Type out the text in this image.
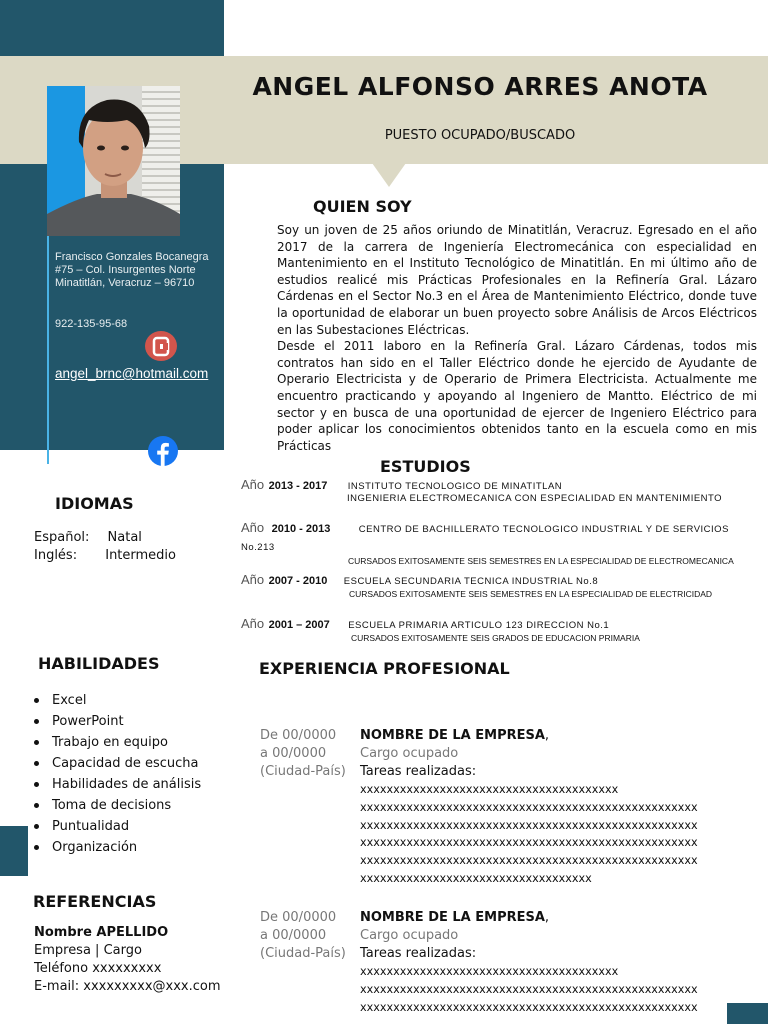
Francisco Gonzales Bocanegra
#75 – Col. Insurgentes Norte
Minatitlán, Veracruz – 96710
922-135-95-68
angel_brnc@hotmail.com
ANGEL ALFONSO ARRES ANOTA
PUESTO OCUPADO/BUSCADO
QUIEN SOY

Soy un joven de 25 años oriundo de Minatitlán, Veracruz. Egresado en el año 2017 de la carrera de Ingeniería Electromecánica con especialidad en Mantenimiento en el Instituto Tecnológico de Minatitlán. En mi último año de estudios realicé mis Prácticas Profesionales en la Refinería Gral. Lázaro Cárdenas en el Sector No.3 en el Área de Mantenimiento Eléctrico, donde tuve la oportunidad de elaborar un buen proyecto sobre Análisis de Arcos Eléctricos en las Subestaciones Eléctricas.

Desde el 2011 laboro en la Refinería Gral. Lázaro Cárdenas, todos mis contratos han sido en el Taller Eléctrico donde he ejercido de Ayudante de Operario Electricista y de Operario de Primera Electricista. Actualmente me encuentro practicando y apoyando al Ingeniero de Mantto. Eléctrico de mi sector y en busca de una oportunidad de ejercer de Ingeniero Eléctrico para poder aplicar los conocimientos obtenidos tanto en la escuela como en mis Prácticas

ESTUDIOS
Año 2013 - 2017 INSTITUTO TECNOLOGICO DE MINATITLAN
INGENIERIA ELECTROMECANICA CON ESPECIALIDAD EN MANTENIMIENTO
Año 2010 - 2013	CENTRO DE BACHILLERATO TECNOLOGICO INDUSTRIAL Y DE SERVICIOS No.213
CURSADOS EXITOSAMENTE SEIS SEMESTRES EN LA ESPECIALIDAD DE ELECTROMECANICA
Año 2007 - 2010 ESCUELA SECUNDARIA TECNICA INDUSTRIAL No.8
CURSADOS EXITOSAMENTE SEIS SEMESTRES EN LA ESPECIALIDAD DE ELECTRICIDAD
Año 2001 – 2007 ESCUELA PRIMARIA ARTICULO 123 DIRECCION No.1
CURSADOS EXITOSAMENTE SEIS GRADOS DE EDUCACION PRIMARIA
IDIOMAS
Español: Natal
Inglés: Intermedio
HABILIDADES
Excel
PowerPoint
Trabajo en equipo
Capacidad de escucha
Habilidades de análisis
Toma de decisions
Puntualidad
Organización
REFERENCIAS
Nombre APELLIDO
Empresa | Cargo
Teléfono xxxxxxxxx
E-mail: xxxxxxxxx@xxx.com
EXPERIENCIA PROFESIONAL
De 00/0000
a 00/0000
(Ciudad-País)
NOMBRE DE LA EMPRESA,
Cargo ocupado
Tareas realizadas:
xxxxxxxxxxxxxxxxxxxxxxxxxxxxxxxxxxxxxxx
xxxxxxxxxxxxxxxxxxxxxxxxxxxxxxxxxxxxxxxxxxxxxxxxxxx
xxxxxxxxxxxxxxxxxxxxxxxxxxxxxxxxxxxxxxxxxxxxxxxxxxx
xxxxxxxxxxxxxxxxxxxxxxxxxxxxxxxxxxxxxxxxxxxxxxxxxxx
xxxxxxxxxxxxxxxxxxxxxxxxxxxxxxxxxxxxxxxxxxxxxxxxxxx
xxxxxxxxxxxxxxxxxxxxxxxxxxxxxxxxxxx
De 00/0000
a 00/0000
(Ciudad-País)
NOMBRE DE LA EMPRESA,
Cargo ocupado
Tareas realizadas:
xxxxxxxxxxxxxxxxxxxxxxxxxxxxxxxxxxxxxxx
xxxxxxxxxxxxxxxxxxxxxxxxxxxxxxxxxxxxxxxxxxxxxxxxxxx
xxxxxxxxxxxxxxxxxxxxxxxxxxxxxxxxxxxxxxxxxxxxxxxxxxx
